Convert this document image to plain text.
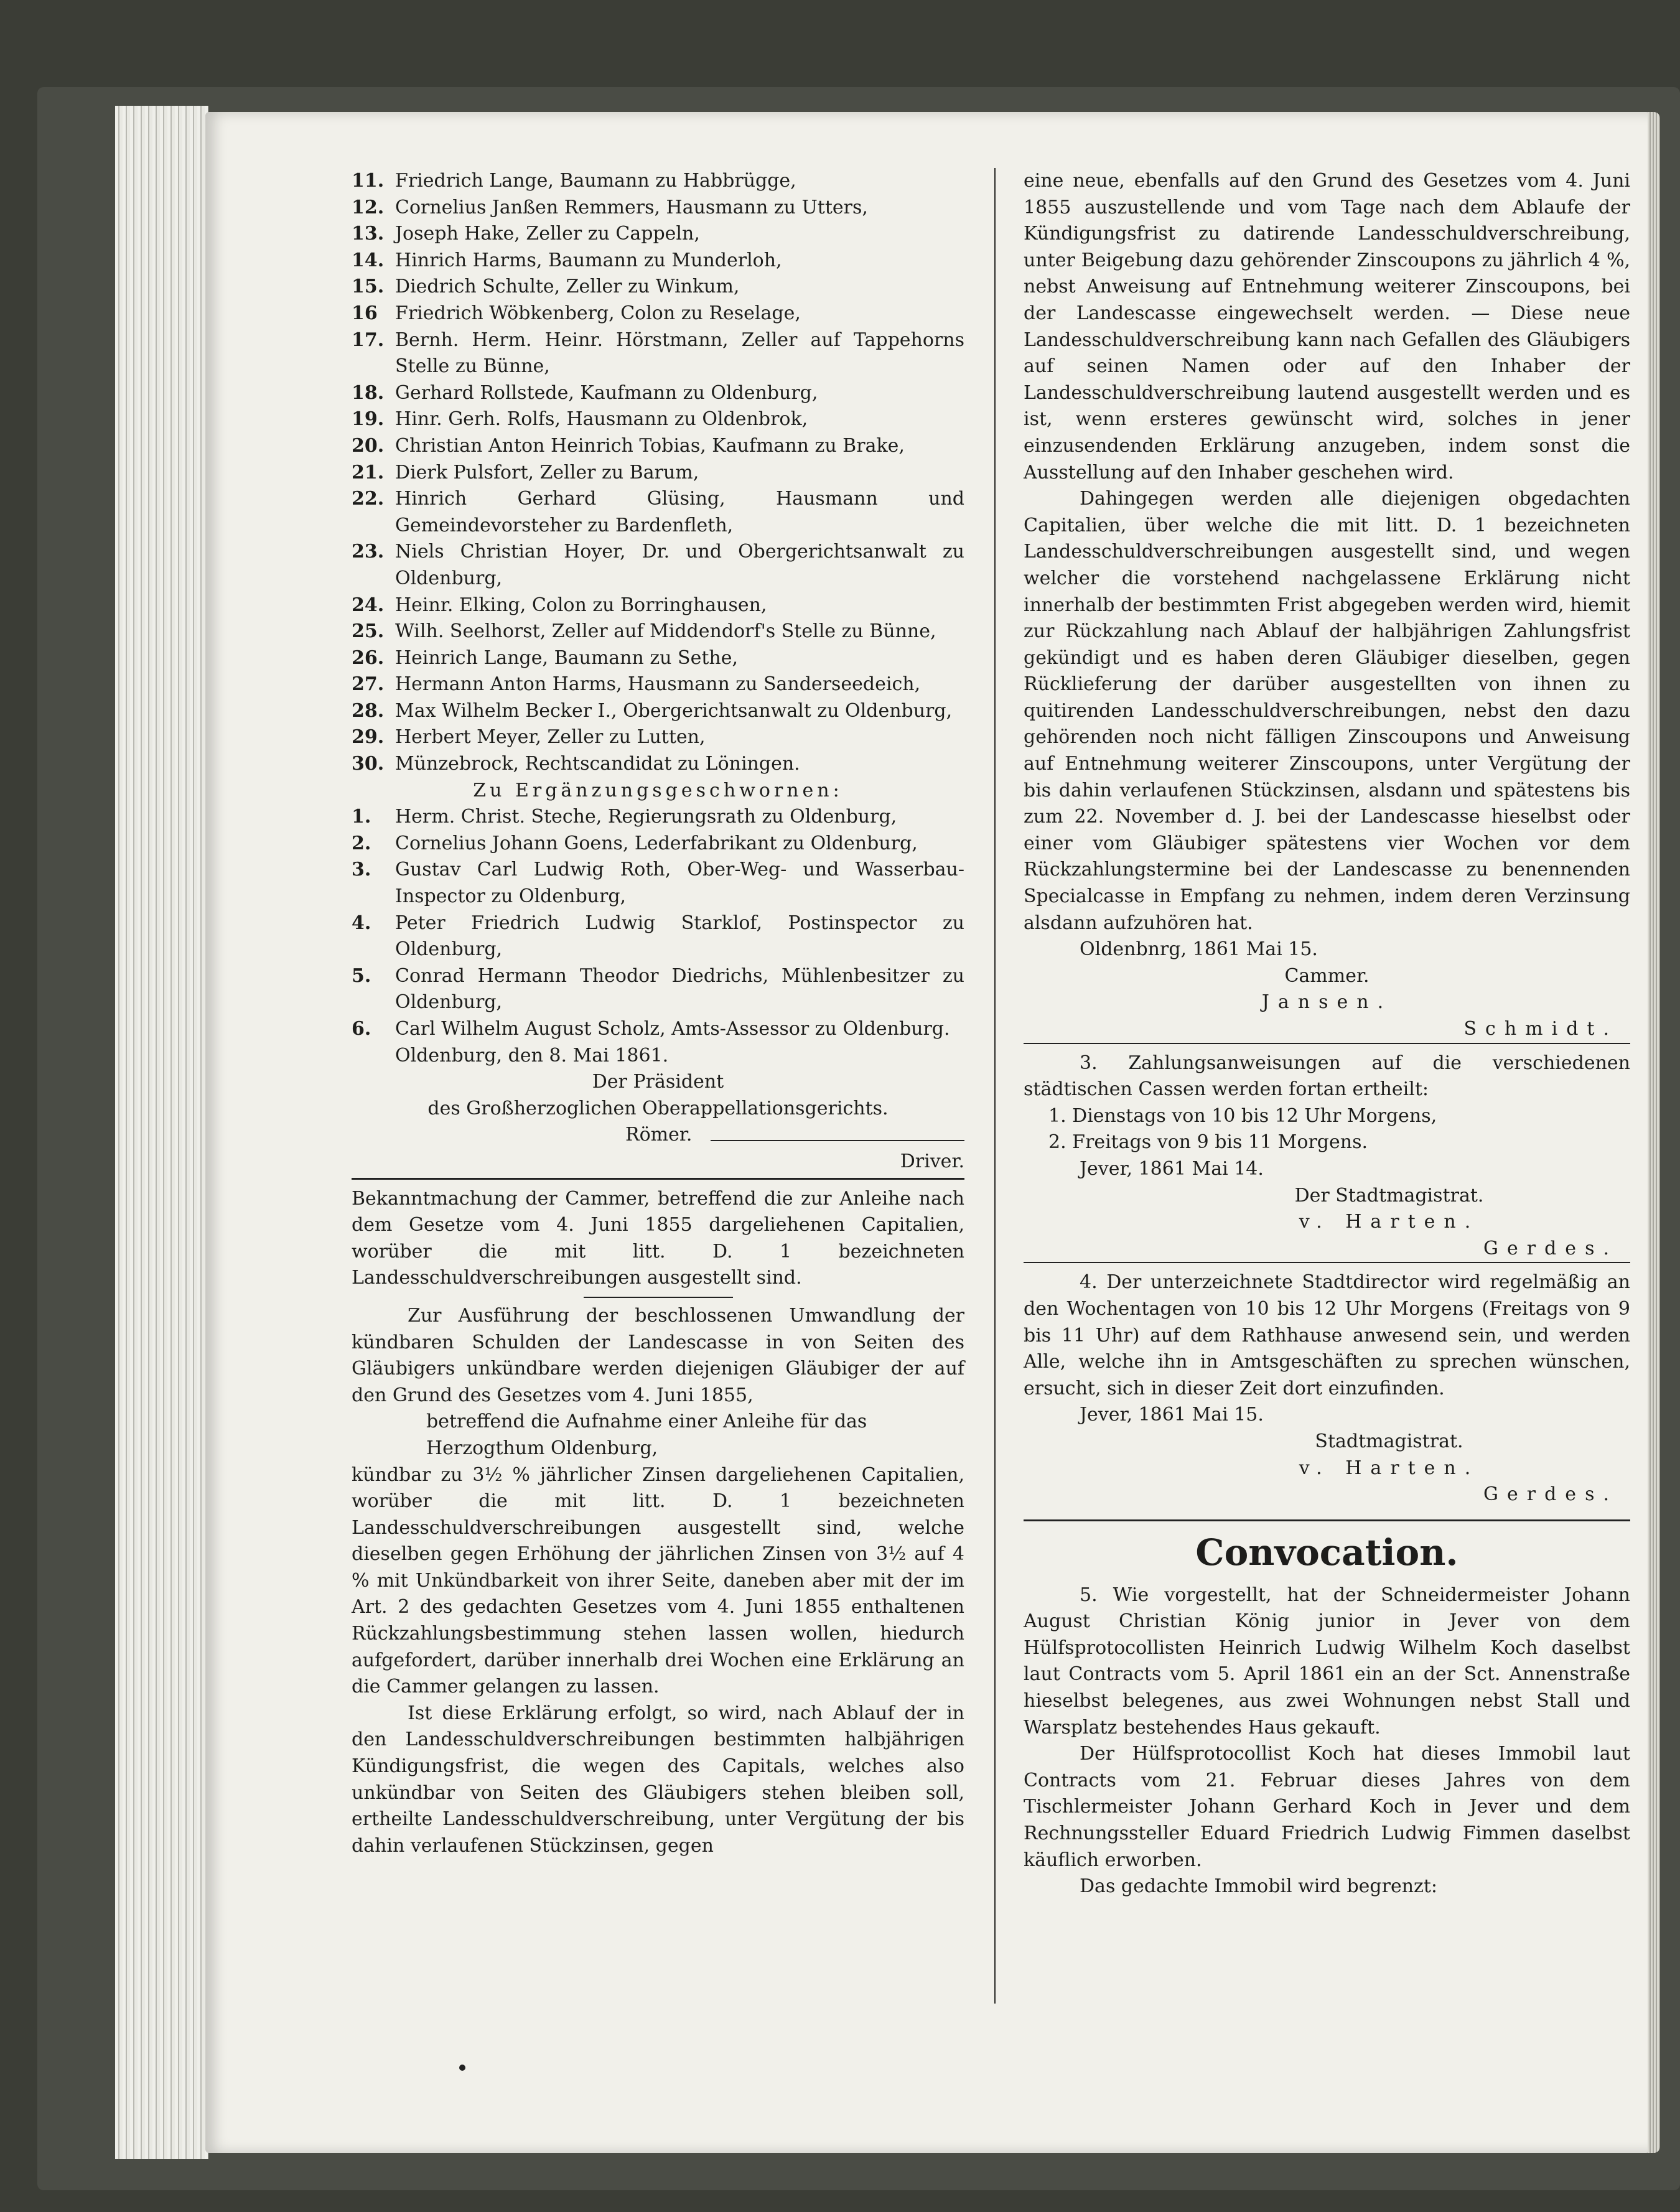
11. Friedrich Lange, Baumann zu Habbrügge,
12. Cornelius Janßen Remmers, Hausmann zu Utters,
13. Joseph Hake, Zeller zu Cappeln,
14. Hinrich Harms, Baumann zu Munderloh,
15. Diedrich Schulte, Zeller zu Winkum,
16 Friedrich Wöbkenberg, Colon zu Reselage,
17. Bernh. Herm. Heinr. Hörstmann, Zeller auf Tappehorns Stelle zu Bünne,
18. Gerhard Rollstede, Kaufmann zu Oldenburg,
19. Hinr. Gerh. Rolfs, Hausmann zu Oldenbrok,
20. Christian Anton Heinrich Tobias, Kaufmann zu Brake,
21. Dierk Pulsfort, Zeller zu Barum,
22. Hinrich Gerhard Glüsing, Hausmann und Gemeindevorsteher zu Bardenfleth,
23. Niels Christian Hoyer, Dr. und Obergerichtsanwalt zu Oldenburg,
24. Heinr. Elking, Colon zu Borringhausen,
25. Wilh. Seelhorst, Zeller auf Middendorf's Stelle zu Bünne,
26. Heinrich Lange, Baumann zu Sethe,
27. Hermann Anton Harms, Hausmann zu Sanderseedeich,
28. Max Wilhelm Becker I., Obergerichtsanwalt zu Oldenburg,
29. Herbert Meyer, Zeller zu Lutten,
30. Münzebrock, Rechtscandidat zu Löningen.
Zu Ergänzungsgeschwornen:
1.	Herm. Christ. Steche, Regierungsrath zu Oldenburg,
2.	Cornelius Johann Goens, Lederfabrikant zu Oldenburg,
3.	Gustav Carl Ludwig Roth, Ober-Weg- und Wasserbau-Inspector zu Oldenburg,
4.	Peter Friedrich Ludwig Starklof, Postinspector zu Oldenburg,
5.	Conrad Hermann Theodor Diedrichs, Mühlenbesitzer zu Oldenburg,
6.	Carl Wilhelm August Scholz, Amts-Assessor zu Oldenburg.
Oldenburg, den 8. Mai 1861.
Der Präsident
des Großherzoglichen Oberappellationsgerichts.
Römer.
Driver.
Bekanntmachung der Cammer, betreffend die zur Anleihe nach dem Gesetze vom 4. Juni 1855 dargeliehenen Capitalien, worüber die mit litt. D. 1 bezeichneten Landesschuldverschreibungen ausgestellt sind.
Zur Ausführung der beschlossenen Umwandlung der kündbaren Schulden der Landescasse in von Seiten des Gläubigers unkündbare werden diejenigen Gläubiger der auf den Grund des Gesetzes vom 4. Juni 1855,
betreffend die Aufnahme einer Anleihe für das Herzogthum Oldenburg,
kündbar zu 3½ % jährlicher Zinsen dargeliehenen Capitalien, worüber die mit litt. D. 1 bezeichneten Landesschuldverschreibungen ausgestellt sind, welche dieselben gegen Erhöhung der jährlichen Zinsen von 3½ auf 4 % mit Unkündbarkeit von ihrer Seite, daneben aber mit der im Art. 2 des gedachten Gesetzes vom 4. Juni 1855 enthaltenen Rückzahlungsbestimmung stehen lassen wollen, hiedurch aufgefordert, darüber innerhalb drei Wochen eine Erklärung an die Cammer gelangen zu lassen.
Ist diese Erklärung erfolgt, so wird, nach Ablauf der in den Landesschuldverschreibungen bestimmten halbjährigen Kündigungsfrist, die wegen des Capitals, welches also unkündbar von Seiten des Gläubigers stehen bleiben soll, ertheilte Landesschuldverschreibung, unter Vergütung der bis dahin verlaufenen Stückzinsen, gegen
eine neue, ebenfalls auf den Grund des Gesetzes vom 4. Juni 1855 auszustellende und vom Tage nach dem Ablaufe der Kündigungsfrist zu datirende Landesschuldverschreibung, unter Beigebung dazu gehörender Zinscoupons zu jährlich 4 %, nebst Anweisung auf Entnehmung weiterer Zinscoupons, bei der Landescasse eingewechselt werden. — Diese neue Landesschuldverschreibung kann nach Gefallen des Gläubigers auf seinen Namen oder auf den Inhaber der Landesschuldverschreibung lautend ausgestellt werden und es ist, wenn ersteres gewünscht wird, solches in jener einzusendenden Erklärung anzugeben, indem sonst die Ausstellung auf den Inhaber geschehen wird.
Dahingegen werden alle diejenigen obgedachten Capitalien, über welche die mit litt. D. 1 bezeichneten Landesschuldverschreibungen ausgestellt sind, und wegen welcher die vorstehend nachgelassene Erklärung nicht innerhalb der bestimmten Frist abgegeben werden wird, hiemit zur Rückzahlung nach Ablauf der halbjährigen Zahlungsfrist gekündigt und es haben deren Gläubiger dieselben, gegen Rücklieferung der darüber ausgestellten von ihnen zu quitirenden Landesschuldverschreibungen, nebst den dazu gehörenden noch nicht fälligen Zinscoupons und Anweisung auf Entnehmung weiterer Zinscoupons, unter Vergütung der bis dahin verlaufenen Stückzinsen, alsdann und spätestens bis zum 22. November d. J. bei der Landescasse hieselbst oder einer vom Gläubiger spätestens vier Wochen vor dem Rückzahlungstermine bei der Landescasse zu benennenden Specialcasse in Empfang zu nehmen, indem deren Verzinsung alsdann aufzuhören hat.
Oldenbnrg, 1861 Mai 15.
Cammer.
Jansen.
Schmidt.
3. Zahlungsanweisungen auf die verschiedenen städtischen Cassen werden fortan ertheilt:
1. Dienstags von 10 bis 12 Uhr Morgens,
2. Freitags von 9 bis 11 Morgens.
Jever, 1861 Mai 14.
Der Stadtmagistrat.
v. Harten.
Gerdes.
4. Der unterzeichnete Stadtdirector wird regelmäßig an den Wochentagen von 10 bis 12 Uhr Morgens (Freitags von 9 bis 11 Uhr) auf dem Rathhause anwesend sein, und werden Alle, welche ihn in Amtsgeschäften zu sprechen wünschen, ersucht, sich in dieser Zeit dort einzufinden.
Jever, 1861 Mai 15.
Stadtmagistrat.
v. Harten.
Gerdes.
Convocation.
5. Wie vorgestellt, hat der Schneidermeister Johann August Christian König junior in Jever von dem Hülfsprotocollisten Heinrich Ludwig Wilhelm Koch daselbst laut Contracts vom 5. April 1861 ein an der Sct. Annenstraße hieselbst belegenes, aus zwei Wohnungen nebst Stall und Warsplatz bestehendes Haus gekauft.
Der Hülfsprotocollist Koch hat dieses Immobil laut Contracts vom 21. Februar dieses Jahres von dem Tischlermeister Johann Gerhard Koch in Jever und dem Rechnungssteller Eduard Friedrich Ludwig Fimmen daselbst käuflich erworben.
Das gedachte Immobil wird begrenzt:
